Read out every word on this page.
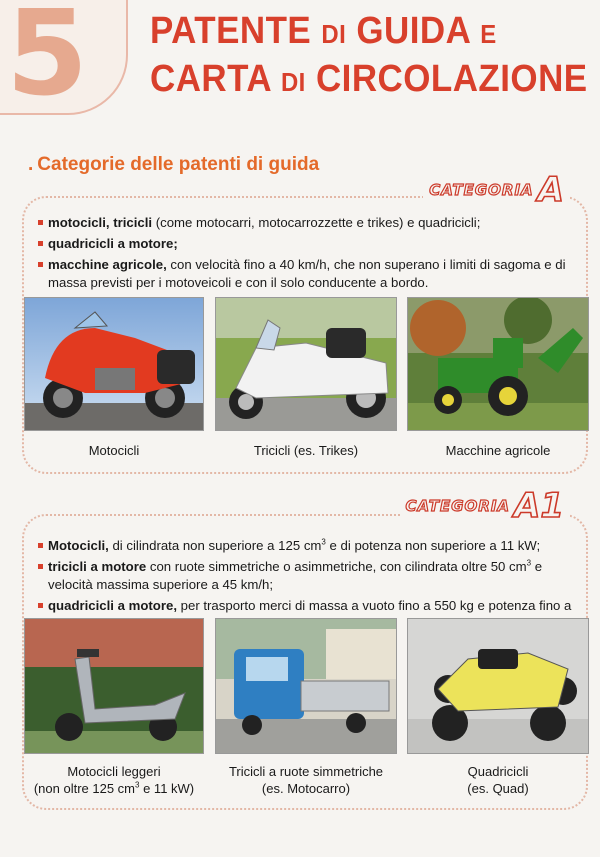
5 PATENTE DI GUIDA E
CARTA DI CIRCOLAZIONE
. Categorie delle patenti di guida
CATEGORIA A
motocicli, tricicli (come motocarri, motocarrozzette e trikes) e quadricicli;
quadricicli a motore;
macchine agricole, con velocità fino a 40 km/h, che non superano i limiti di sagoma e di massa previsti per i motoveicoli e con il solo conducente a bordo.
Motocicli	Tricicli (es. Trikes)	Macchine agricole
CATEGORIA A1
Motocicli, di cilindrata non superiore a 125 $cm^3$ e di potenza non superiore a 11 kW;
tricicli a motore con ruote simmetriche o asimmetriche, con cilindrata oltre 50 $cm^3$ e velocità massima superiore a 45 km/h;
quadricicli a motore, per trasporto merci di massa a vuoto fino a 550 kg e potenza fino a
Motocicli leggeri
(non oltre 125 $cm^3$ e 11 kW)
Tricicli a ruote simmetriche
(es. Motocarro)
Quadricicli
(es. Quad)
